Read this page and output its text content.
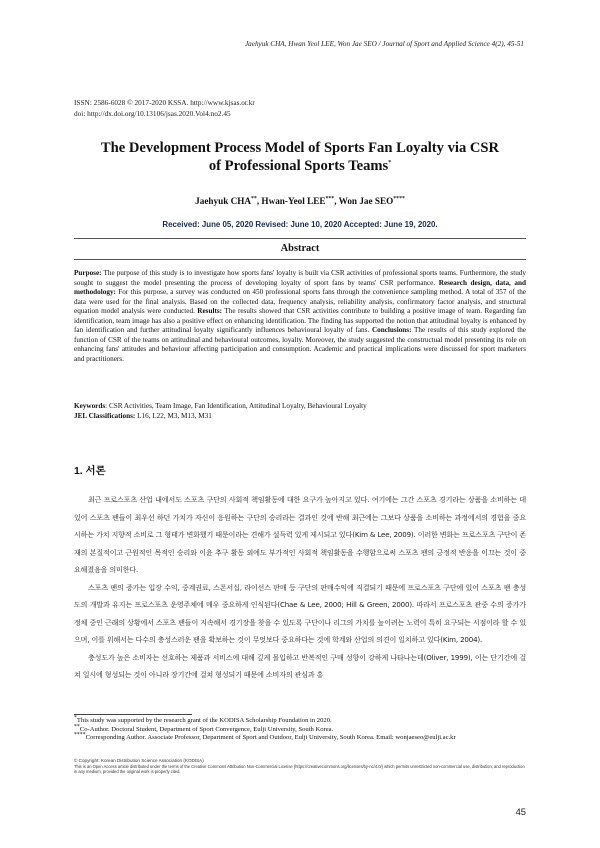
Jaehyuk CHA, Hwan Yeol LEE, Won Jae SEO / Journal of Sport and Applied Science 4(2), 45-51
ISSN: 2586-6028 © 2017-2020 KSSA. http://www.kjsas.or.kr
doi: http://dx.doi.org/10.13106/jsas.2020.Vol4.no2.45
The Development Process Model of Sports Fan Loyalty via CSR
of Professional Sports Teams*
Jaehyuk CHA**, Hwan-Yeol LEE***, Won Jae SEO****
Received: June 05, 2020 Revised: June 10, 2020 Accepted: June 19, 2020.
Abstract
Purpose: The purpose of this study is to investigate how sports fans' loyalty is built via CSR activities of professional sports teams. Furthermore, the study sought to suggest the model presenting the process of developing loyalty of sport fans by teams' CSR performance. Research design, data, and methodology: For this purpose, a survey was conducted on 450 professional sports fans through the convenience sampling method. A total of 357 of the data were used for the final analysis. Based on the collected data, frequency analysis, reliability analysis, confirmatory factor analysis, and structural equation model analysis were conducted. Results: The results showed that CSR activities contribute to building a positive image of team. Regarding fan identification, team image has also a positive effect on enhancing identification. The finding has supported the notion that attitudinal loyalty is enhanced by fan identification and further attitudinal loyalty significantly influences behavioural loyalty of fans. Conclusions: The results of this study explored the function of CSR of the teams on attitudinal and behavioural outcomes, loyalty. Moreover, the study suggested the constructual model presenting its role on enhancing fans' attitudes and behaviour affecting participation and consumption. Academic and practical implications were discussed for sport marketers and practitioners.
Keywords: CSR Activities, Team Image, Fan Identification, Attitudinal Loyalty, Behavioural Loyalty
JEL Classifications: L16, L22, M3, M13, M31
1. 서론

최근 프로스포츠 산업 내에서도 스포츠 구단의 사회적 책임활동에 대한 요구가 높아지고 있다. 여기에는 그간 스포츠 경기라는 상품을 소비하는 데 있어 스포츠 팬들이 최우선 하던 가치가 자신이 응원하는 구단의 승리라는 결과인 것에 반해 최근에는 그보다 상품을 소비하는 과정에서의 경험을 중요시하는 가치 지향적 소비로 그 형태가 변화했기 때문이라는 견해가 설득력 있게 제시되고 있다(Kim & Lee, 2009). 이러한 변화는 프로스포츠 구단이 존재의 본질적이고 근원적인 목적인 승리와 이윤 추구 활동 외에도 부가적인 사회적 책임활동을 수행함으로써 스포츠 팬의 긍정적 반응을 이끄는 것이 중요해졌음을 의미한다.

스포츠 팬의 증가는 입장 수익, 중계권료, 스폰서십, 라이선스 판매 등 구단의 판매수익에 직결되기 때문에 프로스포츠 구단에 있어 스포츠 팬 충성도의 개발과 유지는 프로스포츠 운영주체에 매우 중요하게 인식된다(Chae & Lee, 2000; Hill & Green, 2000). 따라서 프로스포츠 관중 수의 증가가 정체 중인 근래의 상황에서 스포츠 팬들이 지속해서 경기장을 찾을 수 있도록 구단이나 리그의 가치를 높이려는 노력이 특히 요구되는 시점이라 할 수 있으며, 이를 위해서는 다수의 충성스러운 팬을 확보하는 것이 무엇보다 중요하다는 것에 학계와 산업의 의견이 일치하고 있다(Kim, 2004).

충성도가 높은 소비자는 선호하는 제품과 서비스에 대해 깊게 몰입하고 반복적인 구매 성향이 강하게 나타나는데(Oliver, 1999), 이는 단기간에 걸쳐 일시에 형성되는 것이 아니라 장기간에 걸쳐 형성되기 때문에 소비자의 관심과 흥

*This study was supported by the research grant of the KODISA Scholarship Foundation in 2020.
**Co-Author. Doctoral Student, Department of Sport Convergence, Eulji University, South Korea.
****Corresponding Author. Associate Professor, Department of Sport and Outdoor, Eulji University, South Korea. Email: wonjaeseo@eulji.ac.kr
© Copyright: Korean Distribution Science Association (KODISA)
This is an Open Access article distributed under the terms of the Creative Commons Attribution Non-Commercial License (https://creativecommons.org/licenses/by-nc/4.0/) which permits unrestricted non-commercial use, distribution, and reproduction in any medium, provided the original work is properly cited.
45
